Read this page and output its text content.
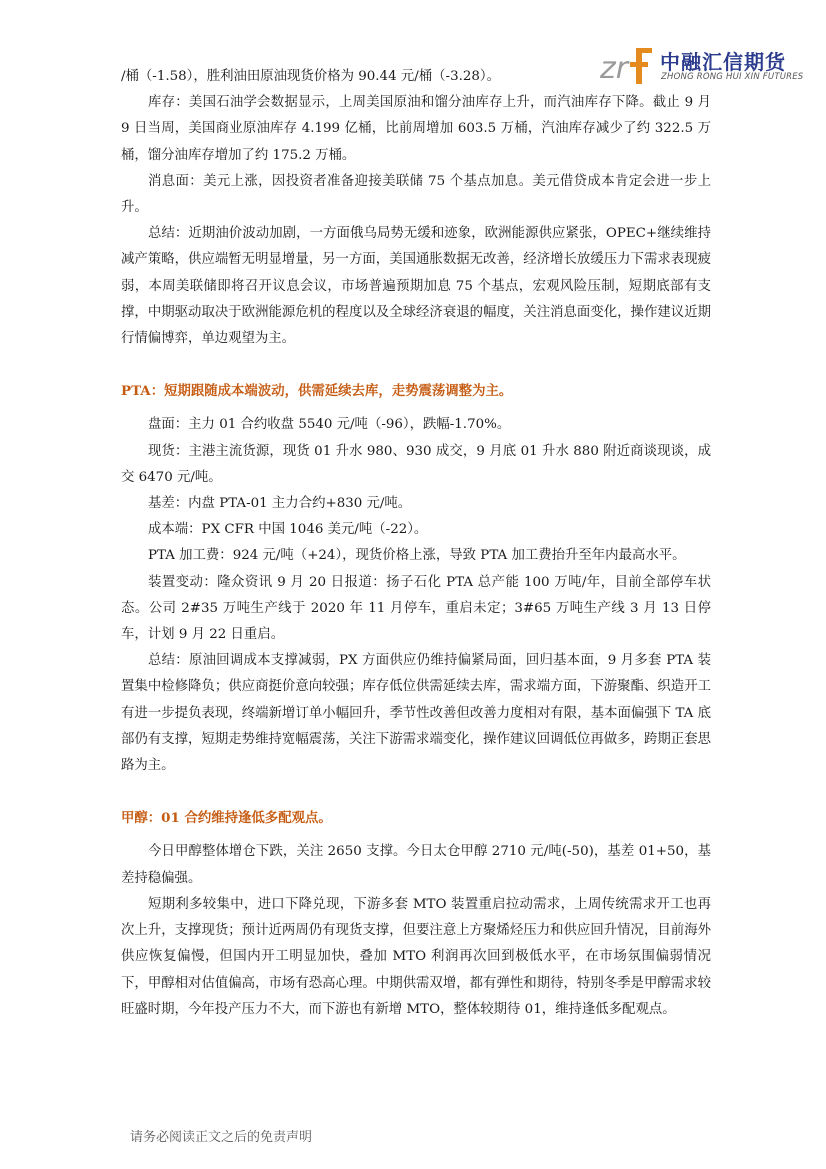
zr 中融汇信期货
ZHONG RONG HUI XIN FUTURES

/桶（-1.58），胜利油田原油现货价格为 90.44 元/桶（-3.28）。

库存：美国石油学会数据显示，上周美国原油和馏分油库存上升，而汽油库存下降。截止 9 月 9 日当周，美国商业原油库存 4.199 亿桶，比前周增加 603.5 万桶，汽油库存减少了约 322.5 万桶，馏分油库存增加了约 175.2 万桶。

消息面：美元上涨，因投资者准备迎接美联储 75 个基点加息。美元借贷成本肯定会进一步上升。

总结：近期油价波动加剧，一方面俄乌局势无缓和迹象，欧洲能源供应紧张，OPEC+继续维持减产策略，供应端暂无明显增量，另一方面，美国通胀数据无改善，经济增长放缓压力下需求表现疲弱，本周美联储即将召开议息会议，市场普遍预期加息 75 个基点，宏观风险压制，短期底部有支撑，中期驱动取决于欧洲能源危机的程度以及全球经济衰退的幅度，关注消息面变化，操作建议近期行情偏博弈，单边观望为主。

PTA：短期跟随成本端波动，供需延续去库，走势震荡调整为主。

盘面：主力 01 合约收盘 5540 元/吨（-96），跌幅-1.70%。

现货：主港主流货源，现货 01 升水 980、930 成交，9 月底 01 升水 880 附近商谈现谈，成交 6470 元/吨。

基差：内盘 PTA-01 主力合约+830 元/吨。

成本端：PX CFR 中国 1046 美元/吨（-22）。

PTA 加工费：924 元/吨（+24），现货价格上涨，导致 PTA 加工费抬升至年内最高水平。

装置变动：隆众资讯 9 月 20 日报道：扬子石化 PTA 总产能 100 万吨/年，目前全部停车状态。公司 2#35 万吨生产线于 2020 年 11 月停车，重启未定；3#65 万吨生产线 3 月 13 日停车，计划 9 月 22 日重启。

总结：原油回调成本支撑减弱，PX 方面供应仍维持偏紧局面，回归基本面，9 月多套 PTA 装置集中检修降负；供应商挺价意向较强；库存低位供需延续去库，需求端方面，下游聚酯、织造开工有进一步提负表现，终端新增订单小幅回升，季节性改善但改善力度相对有限，基本面偏强下 TA 底部仍有支撑，短期走势维持宽幅震荡，关注下游需求端变化，操作建议回调低位再做多，跨期正套思路为主。

甲醇：01 合约维持逢低多配观点。

今日甲醇整体增仓下跌，关注 2650 支撑。今日太仓甲醇 2710 元/吨(-50)，基差 01+50，基差持稳偏强。

短期利多较集中，进口下降兑现，下游多套 MTO 装置重启拉动需求，上周传统需求开工也再次上升，支撑现货；预计近两周仍有现货支撑，但要注意上方聚烯烃压力和供应回升情况，目前海外供应恢复偏慢，但国内开工明显加快，叠加 MTO 利润再次回到极低水平，在市场氛围偏弱情况下，甲醇相对估值偏高，市场有恐高心理。中期供需双增，都有弹性和期待，特别冬季是甲醇需求较旺盛时期，今年投产压力不大，而下游也有新增 MTO，整体较期待 01，维持逢低多配观点。

请务必阅读正文之后的免责声明
